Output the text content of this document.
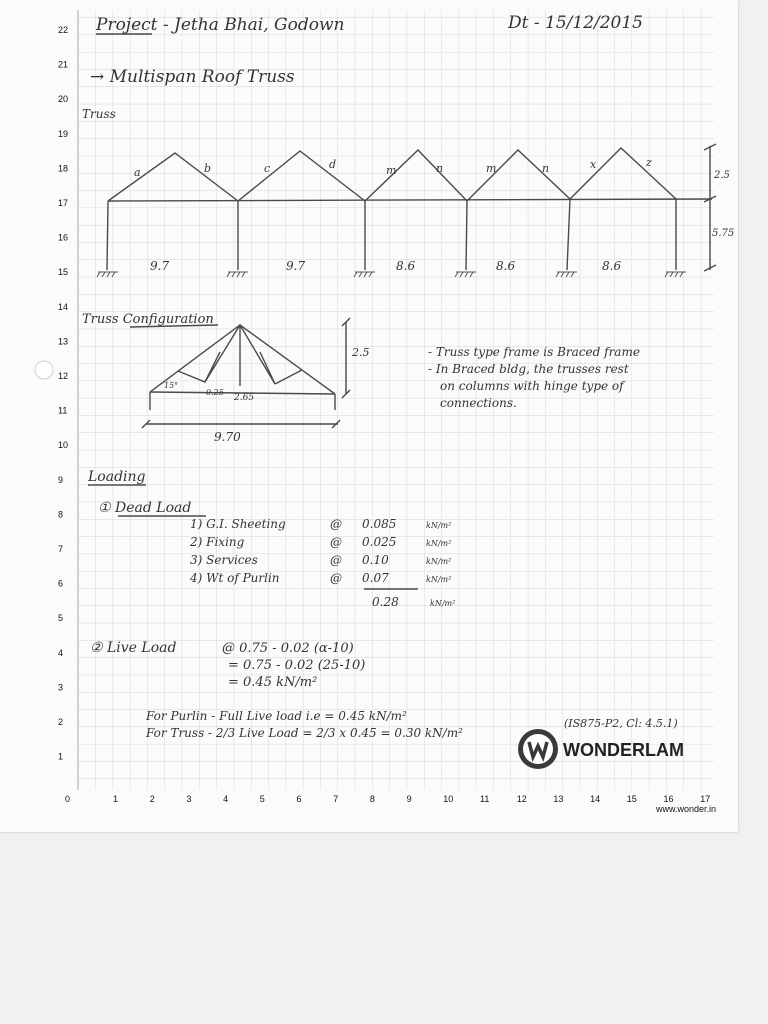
22
21
20
19
18
17
16
15
14
13
12
11
10
9
8
7
6
5
4
3
2
1
1	2	3	4	5	6	7	8	9	10	11	12	13	14	15	16	17
0
Project - Jetha Bhai, Godown	Dt - 15/12/2015
→ Multispan Roof Truss
Truss
2.5
5.75
a	b	c	d	m	n	m	n	x	z
9.7	9.7	8.6	8.6	8.6
Truss Configuration
15°
0.25
2.65
2.5
9.70
- Truss type frame is Braced frame
- In Braced bldg, the trusses rest
on columns with hinge type of
connections.
Loading
① Dead Load
1) G.I. Sheeting	@ 0.085	kN/m²
2) Fixing	@ 0.025	kN/m²
3) Services	@ 0.10	kN/m²
4) Wt of Purlin	@ 0.07	kN/m²
0.28	kN/m²
② Live Load	@ 0.75 - 0.02 (α-10)
= 0.75 - 0.02 (25-10)
= 0.45 kN/m²
For Purlin - Full Live load i.e = 0.45 kN/m²
For Truss - 2/3 Live Load = 2/3 x 0.45 = 0.30 kN/m²
(IS875-P2, Cl: 4.5.1)
WONDERLAM
www.wonder.in
